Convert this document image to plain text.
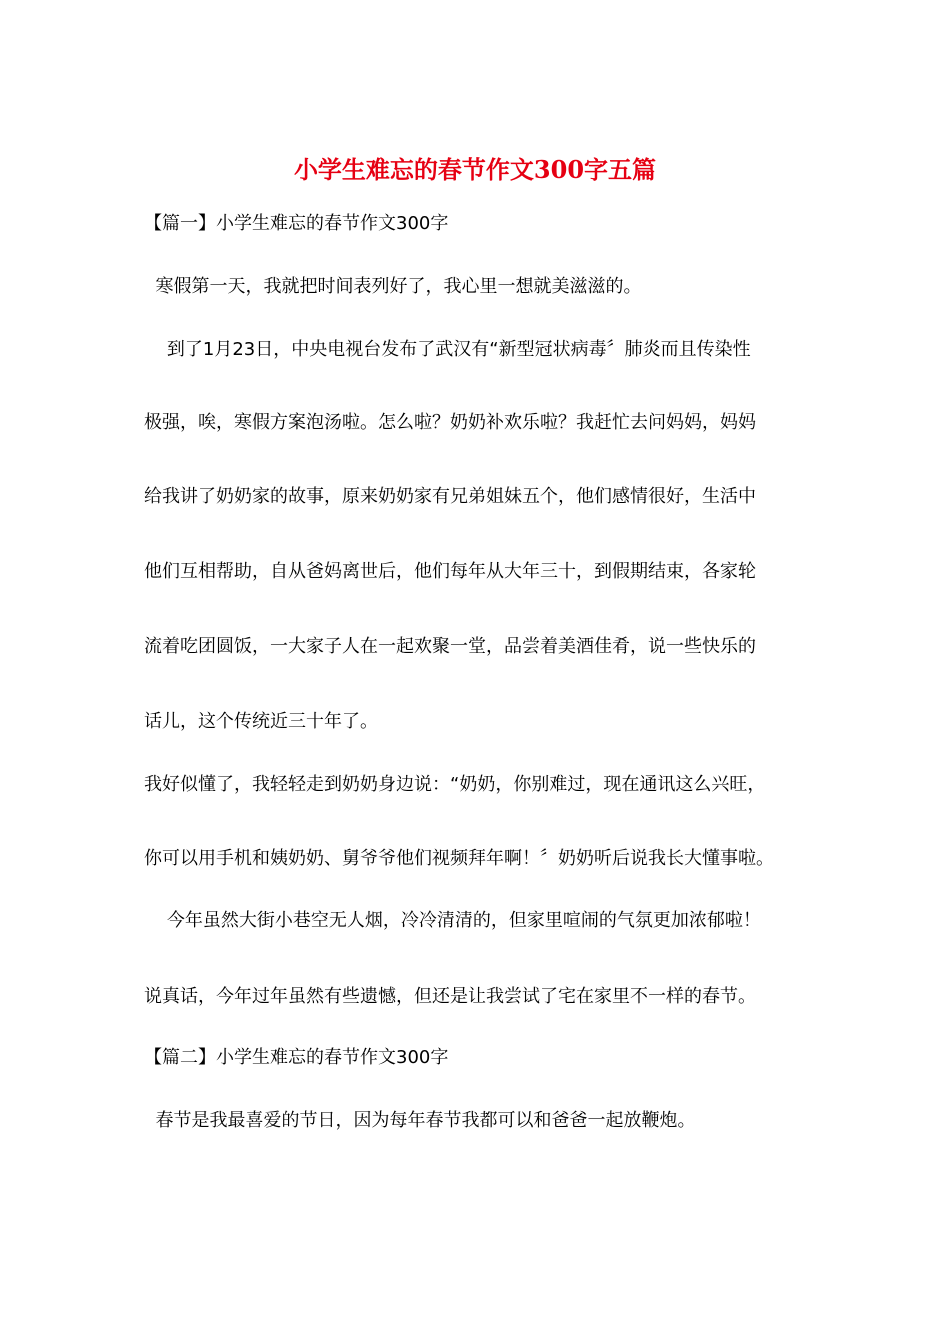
小学生难忘的春节作文300字五篇

【篇一】小学生难忘的春节作文300字

寒假第一天，我就把时间表列好了，我心里一想就美滋滋的。

到了1月23日，中央电视台发布了武汉有“新型冠状病毒〞肺炎而且传染性

极强，唉，寒假方案泡汤啦。怎么啦？奶奶补欢乐啦？我赶忙去问妈妈，妈妈

给我讲了奶奶家的故事，原来奶奶家有兄弟姐妹五个，他们感情很好，生活中

他们互相帮助，自从爸妈离世后，他们每年从大年三十，到假期结束，各家轮

流着吃团圆饭，一大家子人在一起欢聚一堂，品尝着美酒佳肴，说一些快乐的

话儿，这个传统近三十年了。

我好似懂了，我轻轻走到奶奶身边说：“奶奶，你别难过，现在通讯这么兴旺，

你可以用手机和姨奶奶、舅爷爷他们视频拜年啊！〞奶奶听后说我长大懂事啦。

今年虽然大街小巷空无人烟，冷冷清清的，但家里喧闹的气氛更加浓郁啦！

说真话，今年过年虽然有些遗憾，但还是让我尝试了宅在家里不一样的春节。

【篇二】小学生难忘的春节作文300字

春节是我最喜爱的节日，因为每年春节我都可以和爸爸一起放鞭炮。
